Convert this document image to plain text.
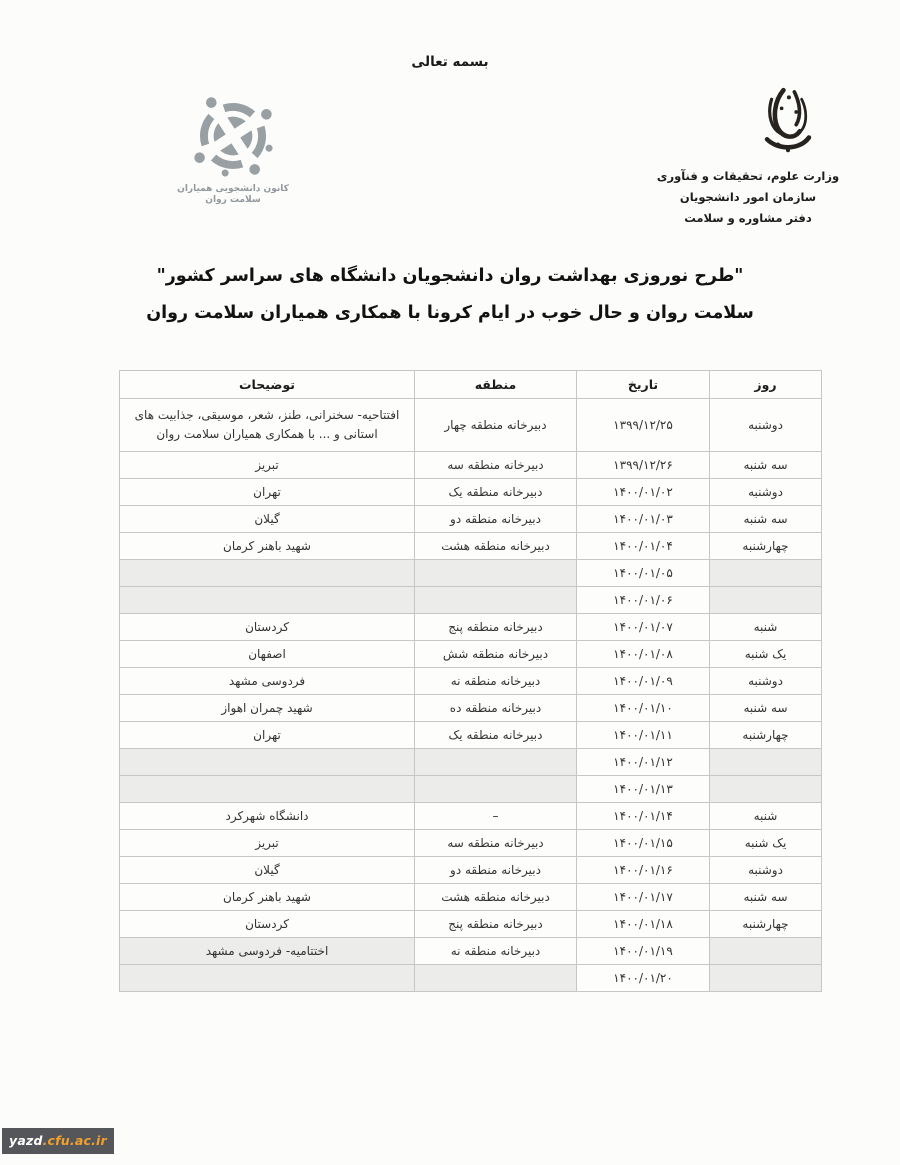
بسمه تعالی
وزارت علوم، تحقیقات و فنآوری
سازمان امور دانشجویان
دفتر مشاوره و سلامت
کانون دانشجویی همیاران
سلامت روان
"طرح نوروزی بهداشت روان دانشجویان دانشگاه های سراسر کشور"
سلامت روان و حال خوب در ایام کرونا با همکاری همیاران سلامت روان
روز	تاریخ	منطقه	توضیحات
دوشنبه	۱۳۹۹/۱۲/۲۵	دبیرخانه منطقه چهار	افتتاحیه- سخنرانی، طنز، شعر، موسیقی، جذابیت های استانی و ... با همکاری همیاران سلامت روان
سه شنبه	۱۳۹۹/۱۲/۲۶	دبیرخانه منطقه سه	تبریز
دوشنبه	۱۴۰۰/۰۱/۰۲	دبیرخانه منطقه یک	تهران
سه شنبه	۱۴۰۰/۰۱/۰۳	دبیرخانه منطقه دو	گیلان
چهارشنبه	۱۴۰۰/۰۱/۰۴	دبیرخانه منطقه هشت	شهید باهنر کرمان
	۱۴۰۰/۰۱/۰۵		
	۱۴۰۰/۰۱/۰۶		
شنبه	۱۴۰۰/۰۱/۰۷	دبیرخانه منطقه پنج	کردستان
یک شنبه	۱۴۰۰/۰۱/۰۸	دبیرخانه منطقه شش	اصفهان
دوشنبه	۱۴۰۰/۰۱/۰۹	دبیرخانه منطقه نه	فردوسی مشهد
سه شنبه	۱۴۰۰/۰۱/۱۰	دبیرخانه منطقه ده	شهید چمران اهواز
چهارشنبه	۱۴۰۰/۰۱/۱۱	دبیرخانه منطقه یک	تهران
	۱۴۰۰/۰۱/۱۲		
	۱۴۰۰/۰۱/۱۳		
شنبه	۱۴۰۰/۰۱/۱۴	–	دانشگاه شهرکرد
یک شنبه	۱۴۰۰/۰۱/۱۵	دبیرخانه منطقه سه	تبریز
دوشنبه	۱۴۰۰/۰۱/۱۶	دبیرخانه منطقه دو	گیلان
سه شنبه	۱۴۰۰/۰۱/۱۷	دبیرخانه منطقه هشت	شهید باهنر کرمان
چهارشنبه	۱۴۰۰/۰۱/۱۸	دبیرخانه منطقه پنج	کردستان
	۱۴۰۰/۰۱/۱۹	دبیرخانه منطقه نه	اختتامیه- فردوسی مشهد
	۱۴۰۰/۰۱/۲۰		
yazd .cfu.ac.ir
